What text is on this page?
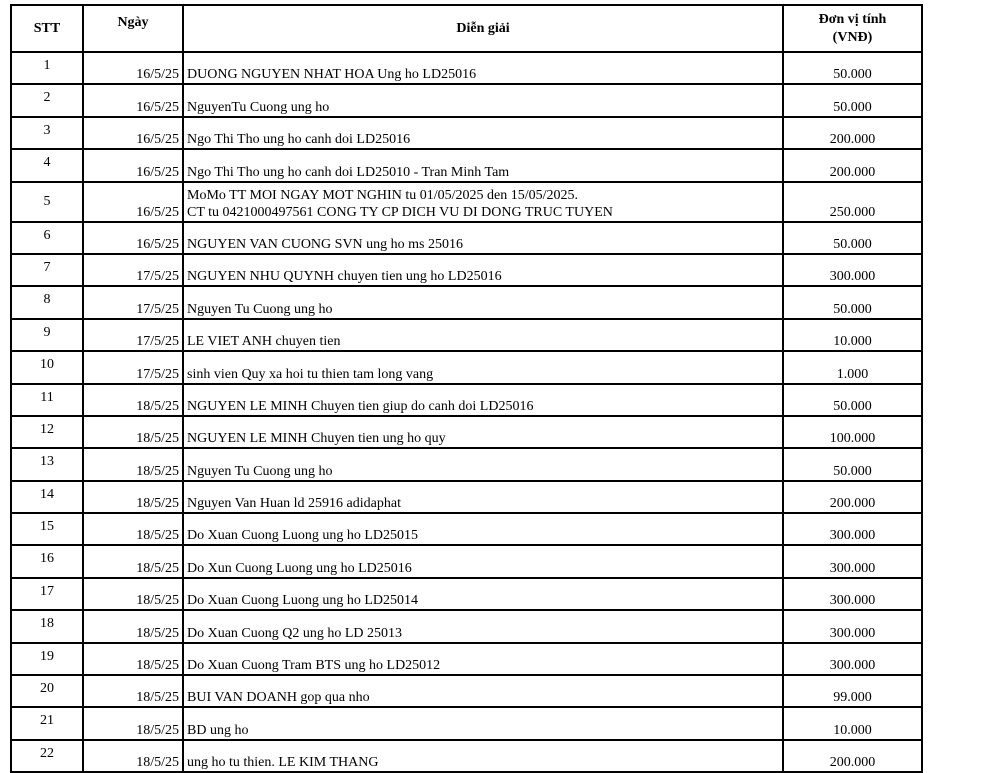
STT	Ngày	Diễn giải	Đơn vị tính
(VNĐ)

1	16/5/25	DUONG NGUYEN NHAT HOA Ung ho LD25016	50.000
2	16/5/25	NguyenTu Cuong ung ho	50.000
3	16/5/25	Ngo Thi Tho ung ho canh doi LD25016	200.000
4	16/5/25	Ngo Thi Tho ung ho canh doi LD25010 - Tran Minh Tam	200.000
5	16/5/25	MoMo TT MOI NGAY MOT NGHIN tu 01/05/2025 den 15/05/2025.
CT tu 0421000497561 CONG TY CP DICH VU DI DONG TRUC TUYEN	250.000
6	16/5/25	NGUYEN VAN CUONG SVN ung ho ms 25016	50.000
7	17/5/25	NGUYEN NHU QUYNH chuyen tien ung ho LD25016	300.000
8	17/5/25	Nguyen Tu Cuong ung ho	50.000
9	17/5/25	LE VIET ANH chuyen tien	10.000
10	17/5/25	sinh vien Quy xa hoi tu thien tam long vang	1.000
11	18/5/25	NGUYEN LE MINH Chuyen tien giup do canh doi LD25016	50.000
12	18/5/25	NGUYEN LE MINH Chuyen tien ung ho quy	100.000
13	18/5/25	Nguyen Tu Cuong ung ho	50.000
14	18/5/25	Nguyen Van Huan ld 25916 adidaphat	200.000
15	18/5/25	Do Xuan Cuong Luong ung ho LD25015	300.000
16	18/5/25	Do Xun Cuong Luong ung ho LD25016	300.000
17	18/5/25	Do Xuan Cuong Luong ung ho LD25014	300.000
18	18/5/25	Do Xuan Cuong Q2 ung ho LD 25013	300.000
19	18/5/25	Do Xuan Cuong Tram BTS ung ho LD25012	300.000
20	18/5/25	BUI VAN DOANH gop qua nho	99.000
21	18/5/25	BD ung ho	10.000
22	18/5/25	ung ho tu thien. LE KIM THANG	200.000
